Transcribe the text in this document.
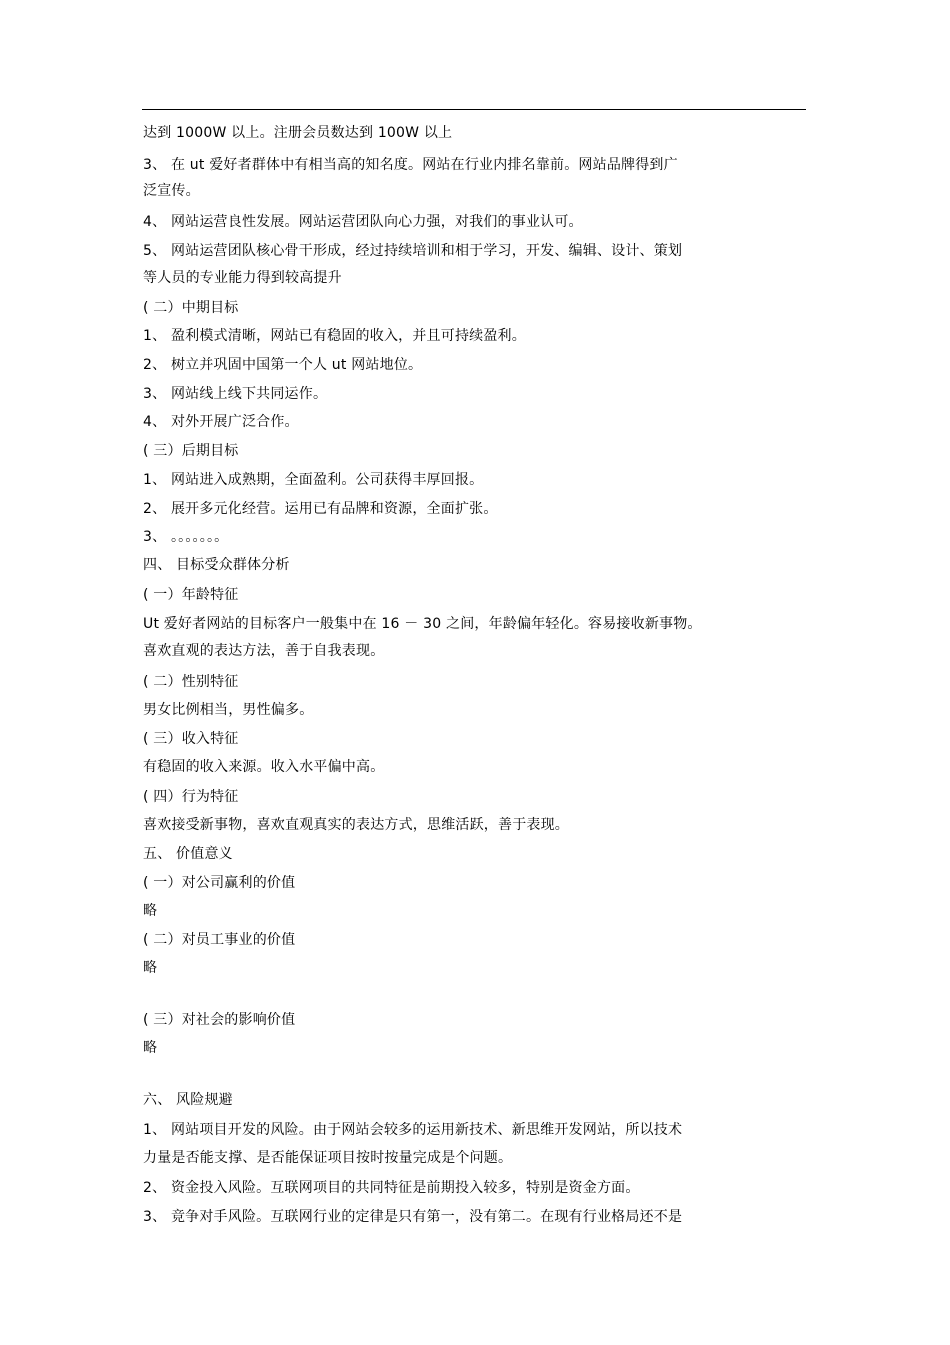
达到 1000W 以上。注册会员数达到 100W 以上
3、 在 ut 爱好者群体中有相当高的知名度。网站在行业内排名靠前。网站品牌得到广
泛宣传。
4、 网站运营良性发展。网站运营团队向心力强，对我们的事业认可。
5、 网站运营团队核心骨干形成，经过持续培训和相于学习，开发、编辑、设计、策划
等人员的专业能力得到较高提升
( 二）中期目标
1、 盈利模式清晰，网站已有稳固的收入，并且可持续盈利。
2、 树立并巩固中国第一个人 ut 网站地位。
3、 网站线上线下共同运作。
4、 对外开展广泛合作。
( 三）后期目标
1、 网站进入成熟期，全面盈利。公司获得丰厚回报。
2、 展开多元化经营。运用已有品牌和资源，全面扩张。
3、 。。。。。。。
四、 目标受众群体分析
( 一）年龄特征
Ut 爱好者网站的目标客户一般集中在 16 － 30 之间，年龄偏年轻化。容易接收新事物。
喜欢直观的表达方法，善于自我表现。
( 二）性别特征
男女比例相当，男性偏多。
( 三）收入特征
有稳固的收入来源。收入水平偏中高。
( 四）行为特征
喜欢接受新事物，喜欢直观真实的表达方式，思维活跃，善于表现。
五、 价值意义
( 一）对公司赢利的价值
略
( 二）对员工事业的价值
略
( 三）对社会的影响价值
略
六、 风险规避
1、 网站项目开发的风险。由于网站会较多的运用新技术、新思维开发网站，所以技术
力量是否能支撑、是否能保证项目按时按量完成是个问题。
2、 资金投入风险。互联网项目的共同特征是前期投入较多，特别是资金方面。
3、 竞争对手风险。互联网行业的定律是只有第一，没有第二。在现有行业格局还不是
